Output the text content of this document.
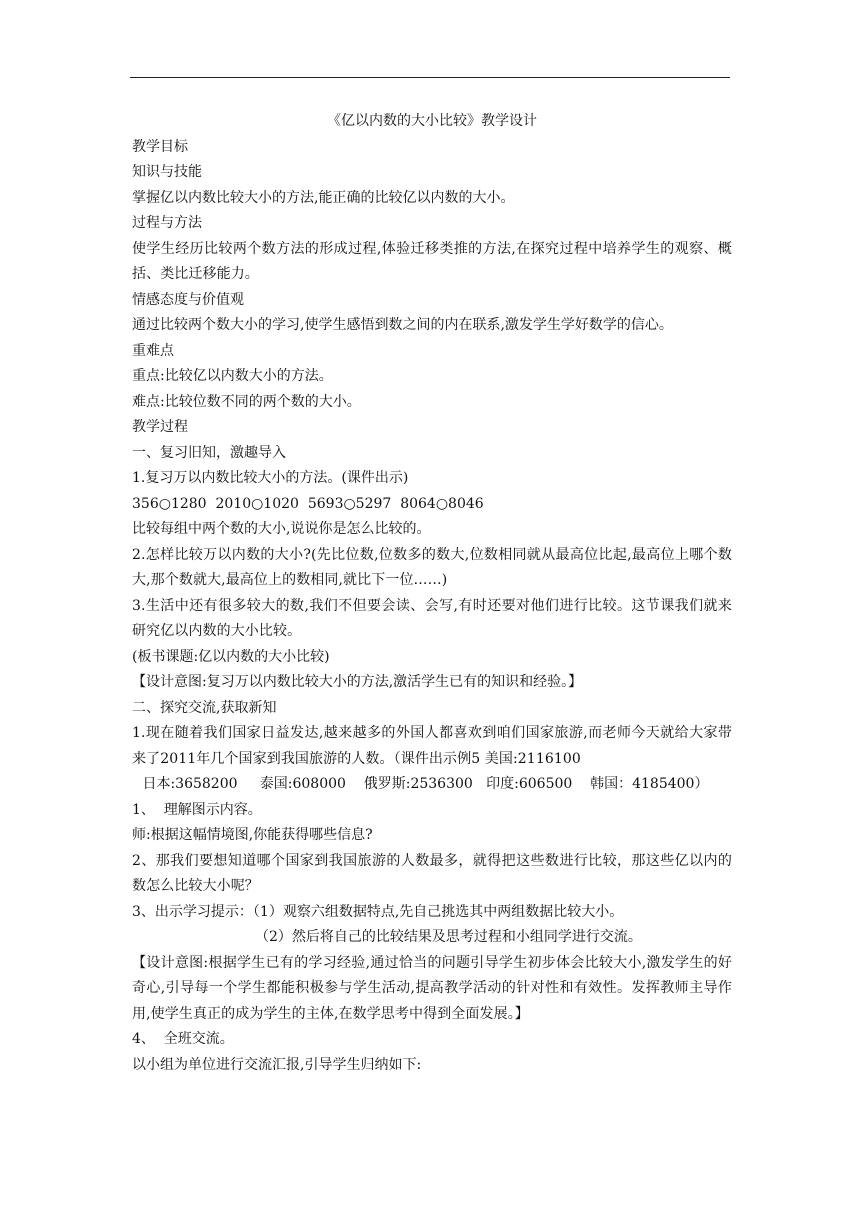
《亿以内数的大小比较》教学设计

教学目标

知识与技能

掌握亿以内数比较大小的方法,能正确的比较亿以内数的大小。

过程与方法

使学生经历比较两个数方法的形成过程,体验迁移类推的方法,在探究过程中培养学生的观察、概括、类比迁移能力。

情感态度与价值观

通过比较两个数大小的学习,使学生感悟到数之间的内在联系,激发学生学好数学的信心。

重难点

重点:比较亿以内数大小的方法。

难点:比较位数不同的两个数的大小。

教学过程

一、复习旧知，激趣导入

1.复习万以内数比较大小的方法。(课件出示)

356○1280  2010○1020  5693○5297  8064○8046

比较每组中两个数的大小,说说你是怎么比较的。

2.怎样比较万以内数的大小?(先比位数,位数多的数大,位数相同就从最高位比起,最高位上哪个数大,那个数就大,最高位上的数相同,就比下一位……)

3.生活中还有很多较大的数,我们不但要会读、会写,有时还要对他们进行比较。这节课我们就来研究亿以内数的大小比较。

(板书课题:亿以内数的大小比较)

【设计意图:复习万以内数比较大小的方法,激活学生已有的知识和经验。】

二、探究交流,获取新知

1.现在随着我们国家日益发达,越来越多的外国人都喜欢到咱们国家旅游,而老师今天就给大家带来了2011年几个国家到我国旅游的人数。（课件出示例5 美国:2116100

日本:3658200     泰国:608000    俄罗斯:2536300   印度:606500    韩国：4185400）

1、  理解图示内容。

师:根据这幅情境图,你能获得哪些信息?

2、那我们要想知道哪个国家到我国旅游的人数最多，就得把这些数进行比较，那这些亿以内的数怎么比较大小呢？

3、出示学习提示：（1）观察六组数据特点,先自己挑选其中两组数据比较大小。

（2）然后将自己的比较结果及思考过程和小组同学进行交流。

【设计意图:根据学生已有的学习经验,通过恰当的问题引导学生初步体会比较大小,激发学生的好奇心,引导每一个学生都能积极参与学生活动,提高教学活动的针对性和有效性。发挥教师主导作用,使学生真正的成为学生的主体,在数学思考中得到全面发展。】

4、  全班交流。

以小组为单位进行交流汇报,引导学生归纳如下:
